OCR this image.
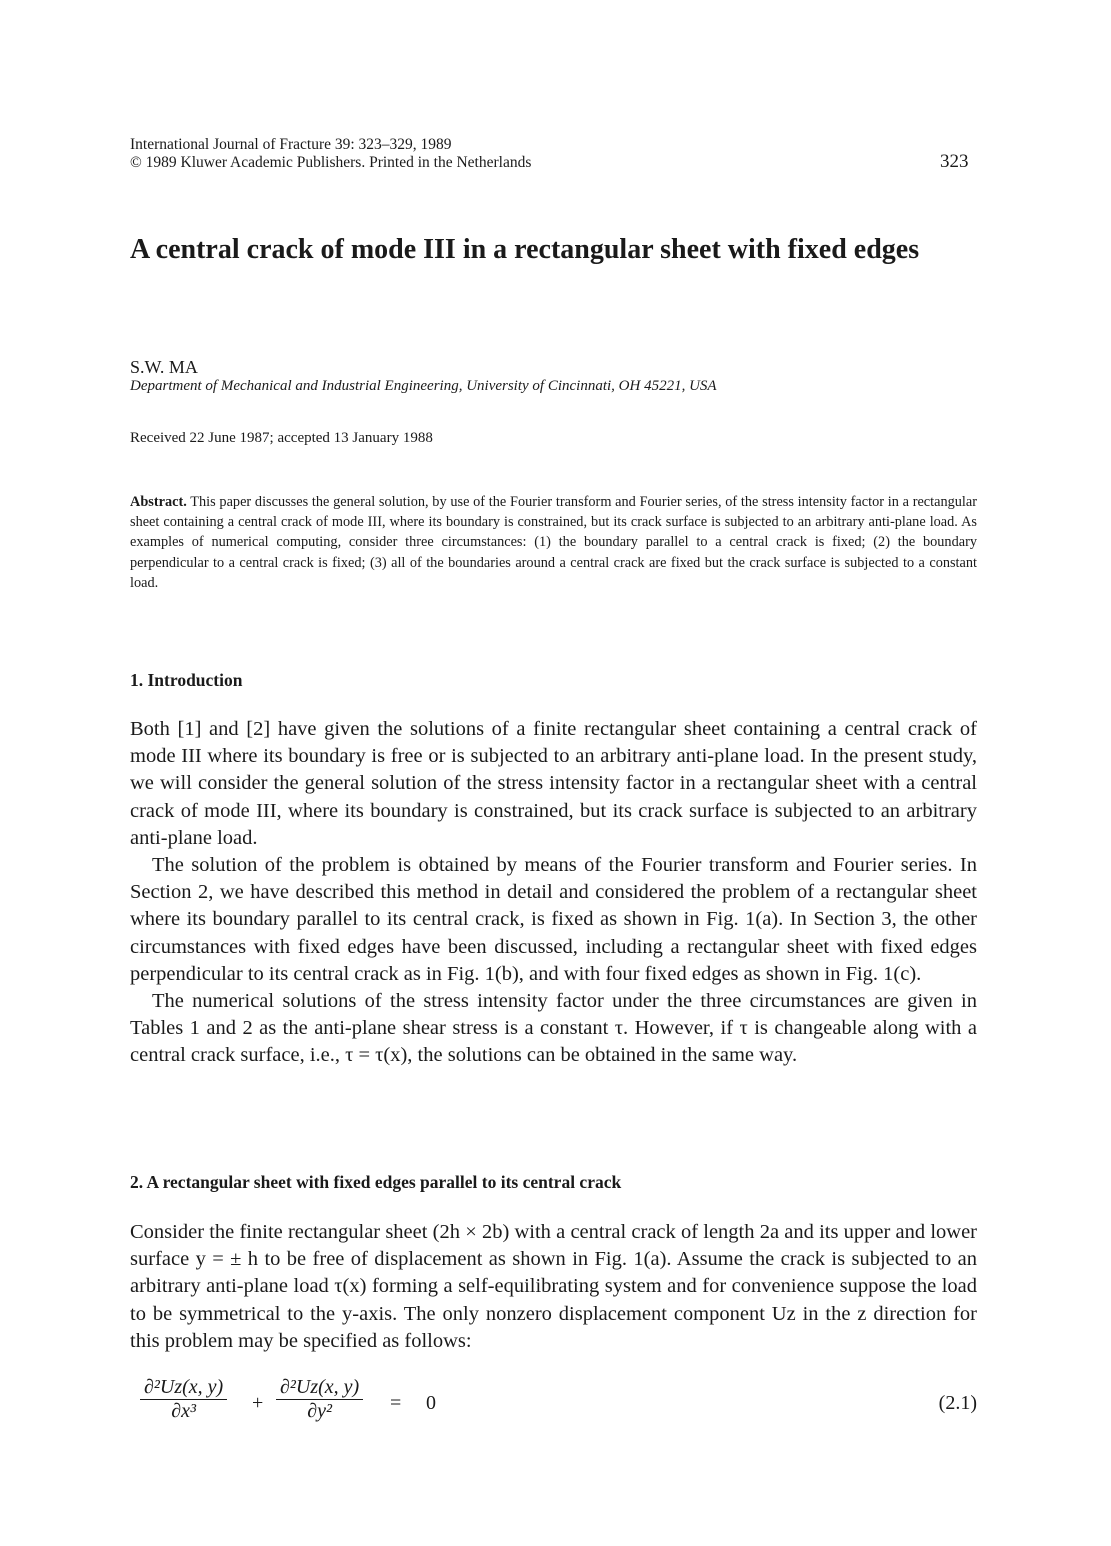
International Journal of Fracture 39: 323–329, 1989
© 1989 Kluwer Academic Publishers. Printed in the Netherlands	323
A central crack of mode III in a rectangular sheet with fixed edges
S.W. MA
Department of Mechanical and Industrial Engineering, University of Cincinnati, OH 45221, USA
Received 22 June 1987; accepted 13 January 1988
Abstract. This paper discusses the general solution, by use of the Fourier transform and Fourier series, of the stress intensity factor in a rectangular sheet containing a central crack of mode III, where its boundary is constrained, but its crack surface is subjected to an arbitrary anti-plane load. As examples of numerical computing, consider three circumstances: (1) the boundary parallel to a central crack is fixed; (2) the boundary perpendicular to a central crack is fixed; (3) all of the boundaries around a central crack are fixed but the crack surface is subjected to a constant load.
1. Introduction

Both [1] and [2] have given the solutions of a finite rectangular sheet containing a central crack of mode III where its boundary is free or is subjected to an arbitrary anti-plane load. In the present study, we will consider the general solution of the stress intensity factor in a rectangular sheet with a central crack of mode III, where its boundary is constrained, but its crack surface is subjected to an arbitrary anti-plane load.

The solution of the problem is obtained by means of the Fourier transform and Fourier series. In Section 2, we have described this method in detail and considered the problem of a rectangular sheet where its boundary parallel to its central crack, is fixed as shown in Fig. 1(a). In Section 3, the other circumstances with fixed edges have been discussed, including a rectangular sheet with fixed edges perpendicular to its central crack as in Fig. 1(b), and with four fixed edges as shown in Fig. 1(c).

The numerical solutions of the stress intensity factor under the three circumstances are given in Tables 1 and 2 as the anti-plane shear stress is a constant τ. However, if τ is changeable along with a central crack surface, i.e., τ = τ(x), the solutions can be obtained in the same way.

2. A rectangular sheet with fixed edges parallel to its central crack

Consider the finite rectangular sheet (2h × 2b) with a central crack of length 2a and its upper and lower surface y = ± h to be free of displacement as shown in Fig. 1(a). Assume the crack is subjected to an arbitrary anti-plane load τ(x) forming a self-equilibrating system and for convenience suppose the load to be symmetrical to the y-axis. The only nonzero displacement component Uz in the z direction for this problem may be specified as follows:

$\frac{\text{∂²Uz(x, y)}}{\text{∂x³}} + \frac{\text{∂²Uz(x, y)}}{\text{∂y²}} = 0$	(2.1)
